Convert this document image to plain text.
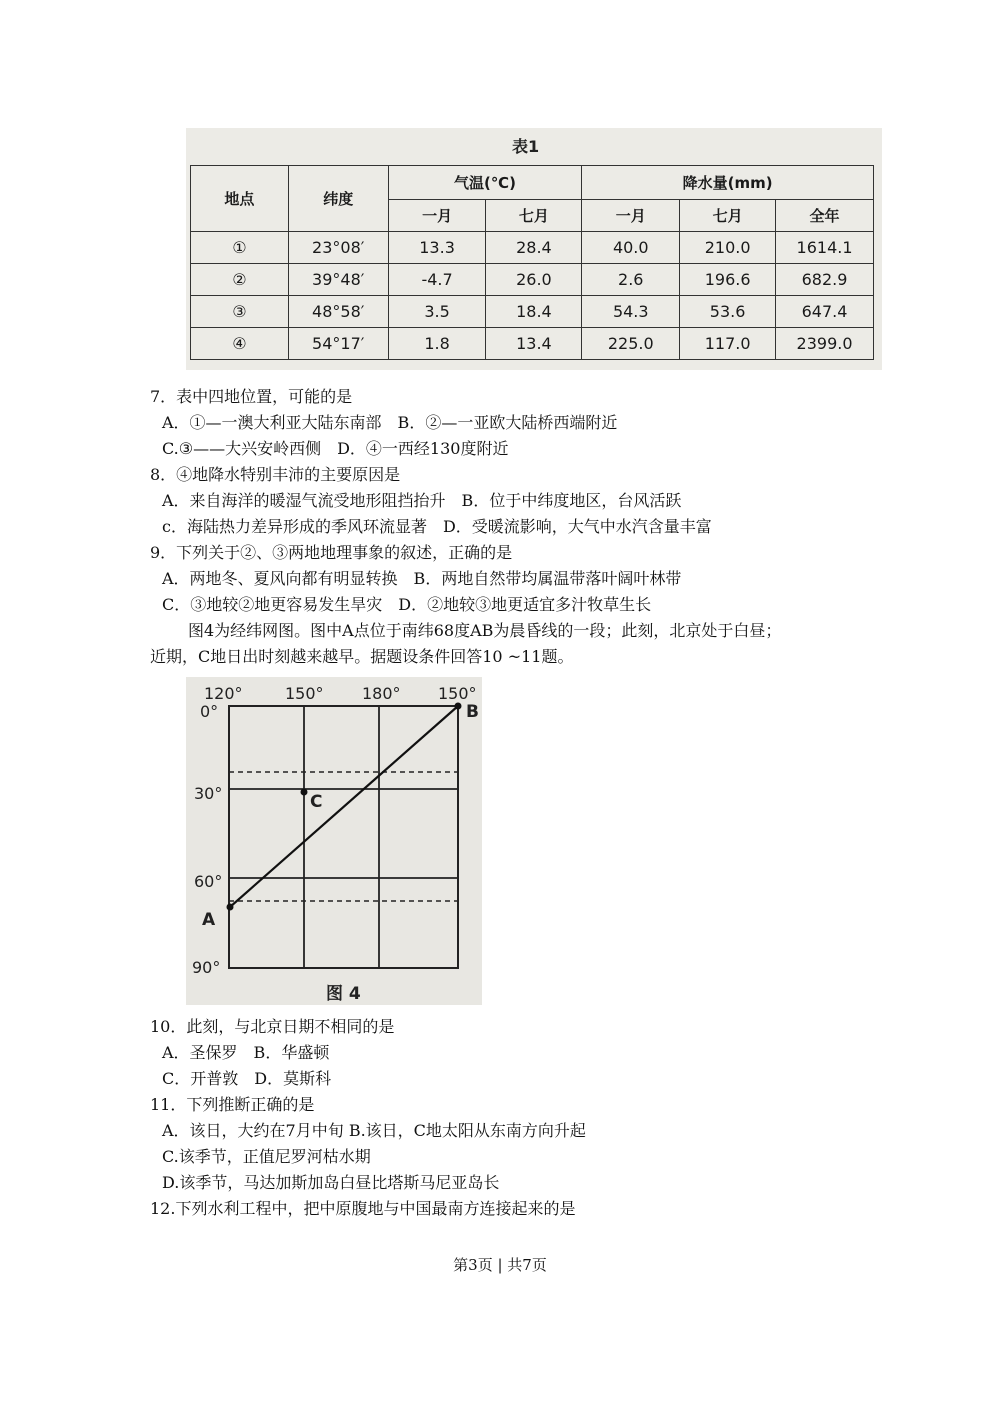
表1
地点	纬度	气温(℃)		降水量(mm)		
		一月	七月	一月	七月	全年
①	23°08′	13.3	28.4	40.0	210.0	1614.1
②	39°48′	-4.7	26.0	2.6	196.6	682.9
③	48°58′	3.5	18.4	54.3	53.6	647.4
④	54°17′	1.8	13.4	225.0	117.0	2399.0
7．表中四地位置，可能的是
A．①—一澳大利亚大陆东南部　B．②—一亚欧大陆桥西端附近
C.③——大兴安岭西侧　D．④一西经130度附近
8．④地降水特别丰沛的主要原因是
A．来自海洋的暖湿气流受地形阻挡抬升　B．位于中纬度地区，台风活跃
c．海陆热力差异形成的季风环流显著　D．受暖流影响，大气中水汽含量丰富
9．下列关于②、③两地地理事象的叙述，正确的是
A．两地冬、夏风向都有明显转换　B．两地自然带均属温带落叶阔叶林带
C．③地较②地更容易发生旱灾　D．②地较③地更适宜多汁牧草生长
图4为经纬网图。图中A点位于南纬68度AB为晨昏线的一段；此刻，北京处于白昼；
近期，C地日出时刻越来越早。据题设条件回答10 ~11题。
120°	150° 180° 150°
0°
30°
60°
90°
A
B
C
图 4
10．此刻，与北京日期不相同的是
A．圣保罗　B．华盛顿
C．开普敦　D．莫斯科
11．下列推断正确的是
A．该日，大约在7月中旬 B.该日，C地太阳从东南方向升起
C.该季节，正值尼罗河枯水期
D.该季节，马达加斯加岛白昼比塔斯马尼亚岛长
12.下列水利工程中，把中原腹地与中国最南方连接起来的是
第3页 | 共7页
